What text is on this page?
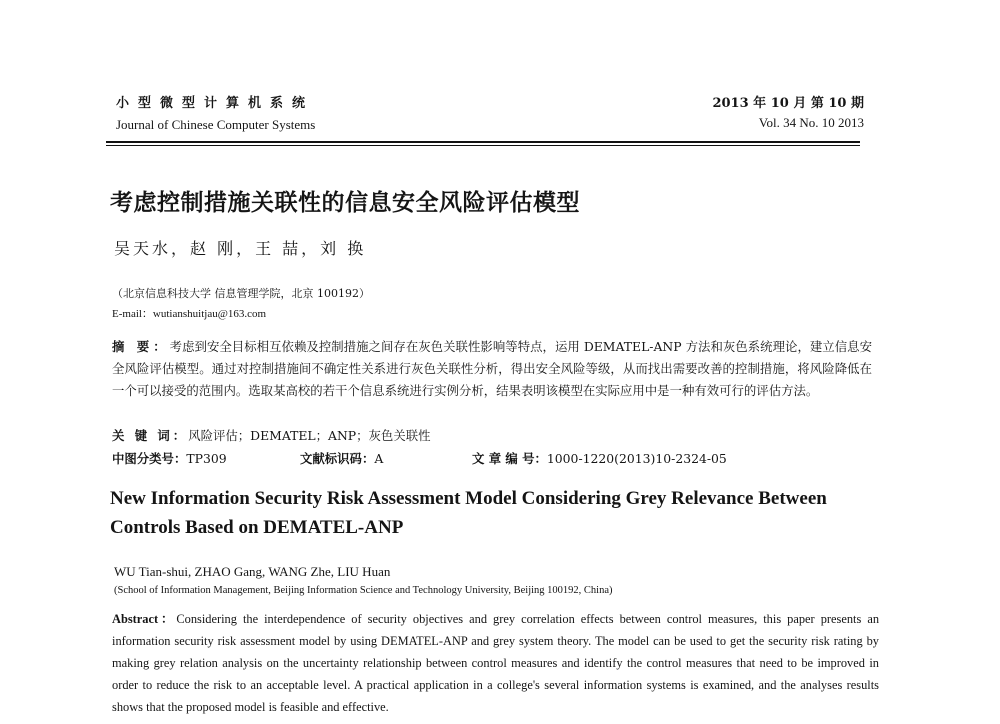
小型微型计算机系统
Journal of Chinese Computer Systems
2013 年 10 月 第 10 期
Vol. 34 No. 10 2013
考虑控制措施关联性的信息安全风险评估模型
吴天水，赵 刚，王 喆，刘 换
（北京信息科技大学 信息管理学院，北京 100192）
E-mail：wutianshuitjau@163.com
摘 要：考虑到安全目标相互依赖及控制措施之间存在灰色关联性影响等特点，运用 DEMATEL-ANP 方法和灰色系统理论，建立信息安全风险评估模型。通过对控制措施间不确定性关系进行灰色关联性分析，得出安全风险等级，从而找出需要改善的控制措施，将风险降低在一个可以接受的范围内。选取某高校的若干个信息系统进行实例分析，结果表明该模型在实际应用中是一种有效可行的评估方法。
关 键 词：风险评估；DEMATEL；ANP；灰色关联性
中图分类号：TP309	文献标识码：A	文 章 编 号：1000-1220(2013)10-2324-05
New Information Security Risk Assessment Model Considering Grey Relevance Between Controls Based on DEMATEL-ANP
WU Tian-shui, ZHAO Gang, WANG Zhe, LIU Huan
(School of Information Management, Beijing Information Science and Technology University, Beijing 100192, China)
Abstract：Considering the interdependence of security objectives and grey correlation effects between control measures, this paper presents an information security risk assessment model by using DEMATEL-ANP and grey system theory. The model can be used to get the security risk rating by making grey relation analysis on the uncertainty relationship between control measures and identify the control measures that need to be improved in order to reduce the risk to an acceptable level. A practical application in a college's several information systems is examined, and the analyses results shows that the proposed model is feasible and effective.
